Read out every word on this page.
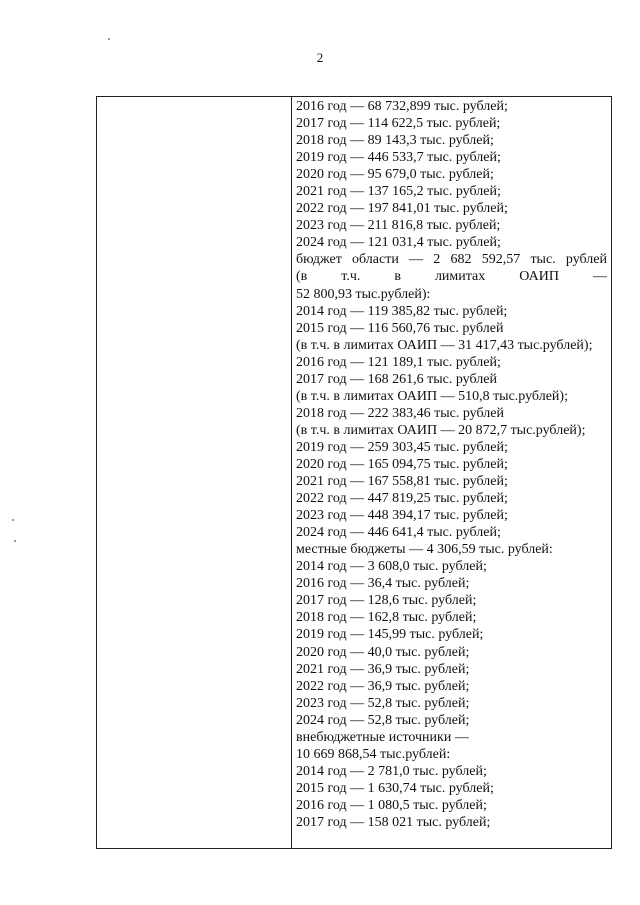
2
2016 год — 68 732,899 тыс. рублей;
2017 год — 114 622,5 тыс. рублей;
2018 год — 89 143,3 тыс. рублей;
2019 год — 446 533,7 тыс. рублей;
2020 год — 95 679,0 тыс. рублей;
2021 год — 137 165,2 тыс. рублей;
2022 год — 197 841,01 тыс. рублей;
2023 год — 211 816,8 тыс. рублей;
2024 год — 121 031,4 тыс. рублей;
бюджет области — 2 682 592,57 тыс. рублей
(в т.ч. в лимитах ОАИП —
52 800,93 тыс.рублей):
2014 год — 119 385,82 тыс. рублей;
2015 год — 116 560,76 тыс. рублей
(в т.ч. в лимитах ОАИП — 31 417,43 тыс.рублей);
2016 год — 121 189,1 тыс. рублей;
2017 год — 168 261,6 тыс. рублей
(в т.ч. в лимитах ОАИП — 510,8 тыс.рублей);
2018 год — 222 383,46 тыс. рублей
(в т.ч. в лимитах ОАИП — 20 872,7 тыс.рублей);
2019 год — 259 303,45 тыс. рублей;
2020 год — 165 094,75 тыс. рублей;
2021 год — 167 558,81 тыс. рублей;
2022 год — 447 819,25 тыс. рублей;
2023 год — 448 394,17 тыс. рублей;
2024 год — 446 641,4 тыс. рублей;
местные бюджеты — 4 306,59 тыс. рублей:
2014 год — 3 608,0 тыс. рублей;
2016 год — 36,4 тыс. рублей;
2017 год — 128,6 тыс. рублей;
2018 год — 162,8 тыс. рублей;
2019 год — 145,99 тыс. рублей;
2020 год — 40,0 тыс. рублей;
2021 год — 36,9 тыс. рублей;
2022 год — 36,9 тыс. рублей;
2023 год — 52,8 тыс. рублей;
2024 год — 52,8 тыс. рублей;
внебюджетные источники —
10 669 868,54 тыс.рублей:
2014 год — 2 781,0 тыс. рублей;
2015 год — 1 630,74 тыс. рублей;
2016 год — 1 080,5 тыс. рублей;
2017 год — 158 021 тыс. рублей;
